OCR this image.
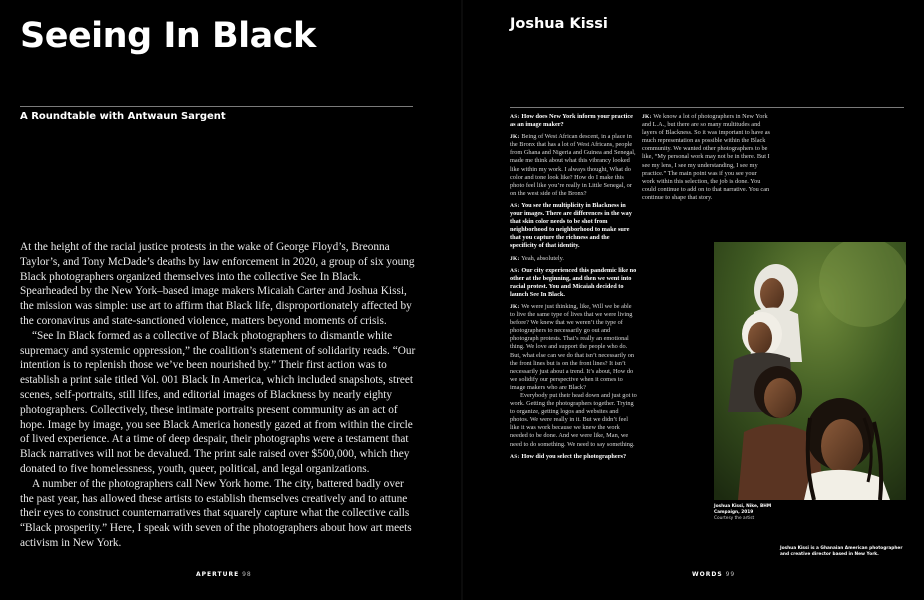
Seeing In Black
A Roundtable with Antwaun Sargent

At the height of the racial justice protests in the wake of George Floyd’s, Breonna Taylor’s, and Tony McDade’s deaths by law enforcement in 2020, a group of six young Black photographers organized themselves into the collective See In Black. Spearheaded by the New York–based image makers Micaiah Carter and Joshua Kissi, the mission was simple: use art to affirm that Black life, disproportionately affected by the coronavirus and state-sanctioned violence, matters beyond moments of crisis.

“See In Black formed as a collective of Black photographers to dismantle white supremacy and systemic oppression,” the coalition’s statement of solidarity reads. “Our intention is to replenish those we’ve been nourished by.” Their first action was to establish a print sale titled Vol. 001 Black In America, which included snapshots, street scenes, self-portraits, still lifes, and editorial images of Blackness by nearly eighty photographers. Collectively, these intimate portraits present community as an act of hope. Image by image, you see Black America honestly gazed at from within the circle of lived experience. At a time of deep despair, their photographs were a testament that Black narratives will not be devalued. The print sale raised over $500,000, which they donated to five homelessness, youth, queer, political, and legal organizations.

A number of the photographers call New York home. The city, battered badly over the past year, has allowed these artists to establish themselves creatively and to attune their eyes to construct counternarratives that squarely capture what the collective calls “Black prosperity.” Here, I speak with seven of the photographers about how art meets activism in New York.

APERTURE 98
Joshua Kissi

AS: How does New York inform your practice as an image maker?

JK: Being of West African descent, in a place in the Bronx that has a lot of West Africans, people from Ghana and Nigeria and Guinea and Senegal, made me think about what this vibrancy looked like within my work. I always thought, What do color and tone look like? How do I make this photo feel like you’re really in Little Senegal, or on the west side of the Bronx?

AS: You see the multiplicity in Blackness in your images. There are differences in the way that skin color needs to be shot from neighborhood to neighborhood to make sure that you capture the richness and the specificity of that identity.

JK: Yeah, absolutely.

AS: Our city experienced this pandemic like no other at the beginning, and then we went into racial protest. You and Micaiah decided to launch See In Black.

JK: We were just thinking, like, Will we be able to live the same type of lives that we were living before? We knew that we weren’t the type of photographers to necessarily go out and photograph protests. That’s really an emotional thing. We love and support the people who do. But, what else can we do that isn’t necessarily on the front lines but is on the front lines? It isn’t necessarily just about a trend. It’s about, How do we solidify our perspective when it comes to image makers who are Black?

Everybody put their head down and just got to work. Getting the photographers together. Trying to organize, getting logos and websites and photos. We were really in it. But we didn’t feel like it was work because we knew the work needed to be done. And we were like, Man, we need to do something. We need to say something.

AS: How did you select the photographers?

JK: We know a lot of photographers in New York and L.A., but there are so many multitudes and layers of Blackness. So it was important to have as much representation as possible within the Black community. We wanted other photographers to be like, “My personal work may not be in there. But I see my lens, I see my understanding, I see my practice.” The main point was if you see your work within this selection, the job is done. You could continue to add on to that narrative. You can continue to shape that story.

Joshua Kissi, Nike, BHM Campaign, 2019
Courtesy the artist
Joshua Kissi is a Ghanaian American photographer and creative director based in New York.
WORDS 99
